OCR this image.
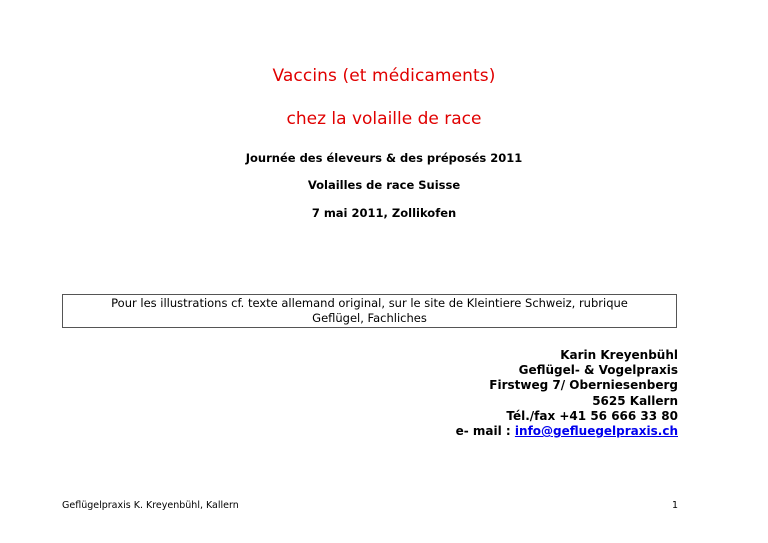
Vaccins (et médicaments)
chez la volaille de race
Journée des éleveurs & des préposés 2011
Volailles de race Suisse
7 mai 2011, Zollikofen
Pour les illustrations cf. texte allemand original, sur le site de Kleintiere Schweiz, rubrique
Geflügel, Fachliches
Karin Kreyenbühl
Geflügel- & Vogelpraxis
Firstweg 7/ Oberniesenberg
5625 Kallern
Tél./fax +41 56 666 33 80
e- mail : info@gefluegelpraxis.ch
Geflügelpraxis K. Kreyenbühl, Kallern	1
